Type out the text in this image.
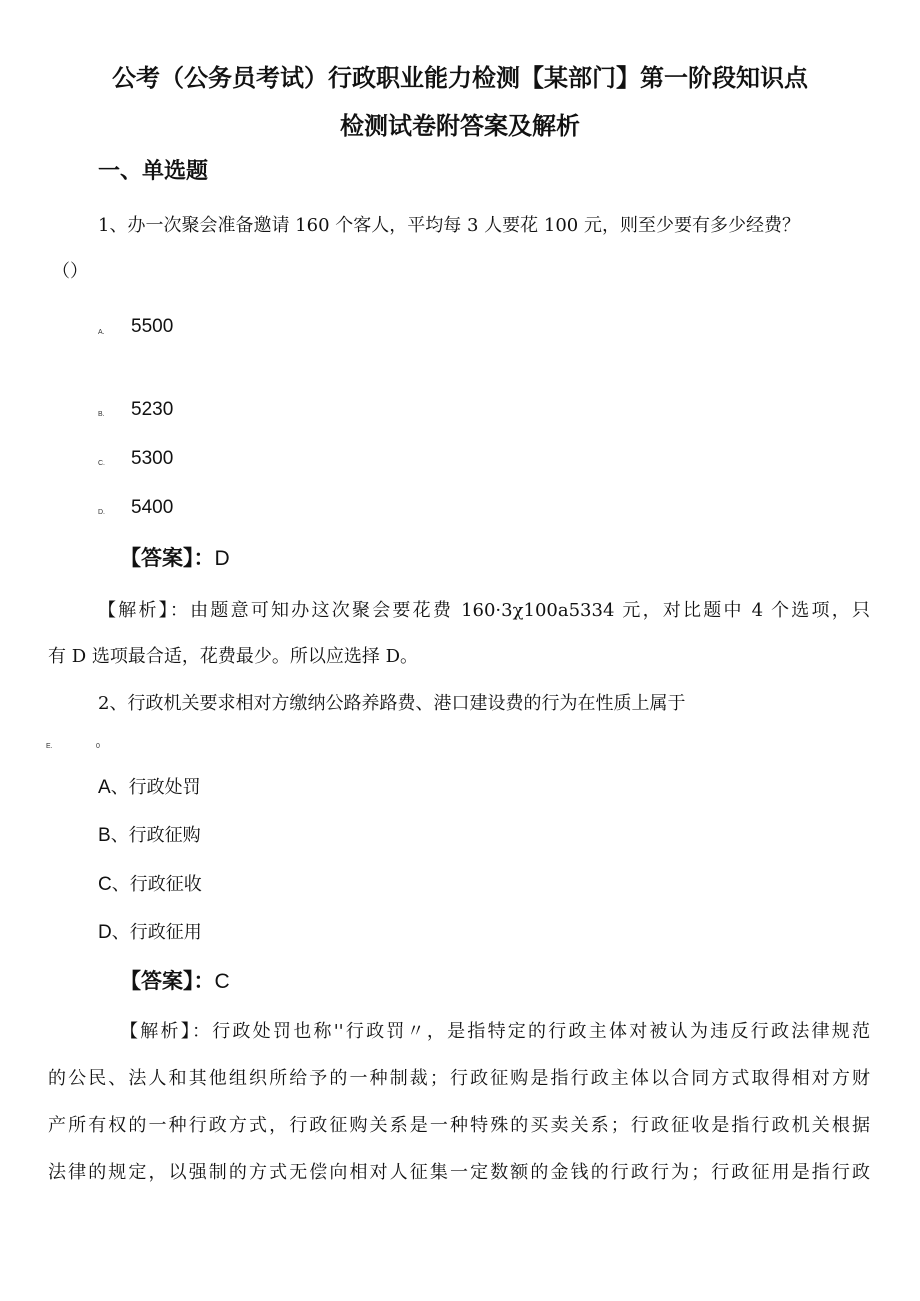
公考（公务员考试）行政职业能力检测【某部门】第一阶段知识点
检测试卷附答案及解析
一、单选题
1、办一次聚会准备邀请 160 个客人，平均每 3 人要花 100 元，则至少要有多少经费？
（）
A. 5500
B. 5230
C. 5300
D. 5400
【答案】：D
【解析】：由题意可知办这次聚会要花费 160·3χ100a5334 元，对比题中 4 个选项，只
有 D 选项最合适，花费最少。所以应选择 D。
2、行政机关要求相对方缴纳公路养路费、港口建设费的行为在性质上属于
E.	0
A、行政处罚
B、行政征购
C、行政征收
D、行政征用
【答案】：C
【解析】：行政处罚也称''行政罚〃，是指特定的行政主体对被认为违反行政法律规范
的公民、法人和其他组织所给予的一种制裁；行政征购是指行政主体以合同方式取得相对方财
产所有权的一种行政方式，行政征购关系是一种特殊的买卖关系；行政征收是指行政机关根据
法律的规定，以强制的方式无偿向相对人征集一定数额的金钱的行政行为；行政征用是指行政
